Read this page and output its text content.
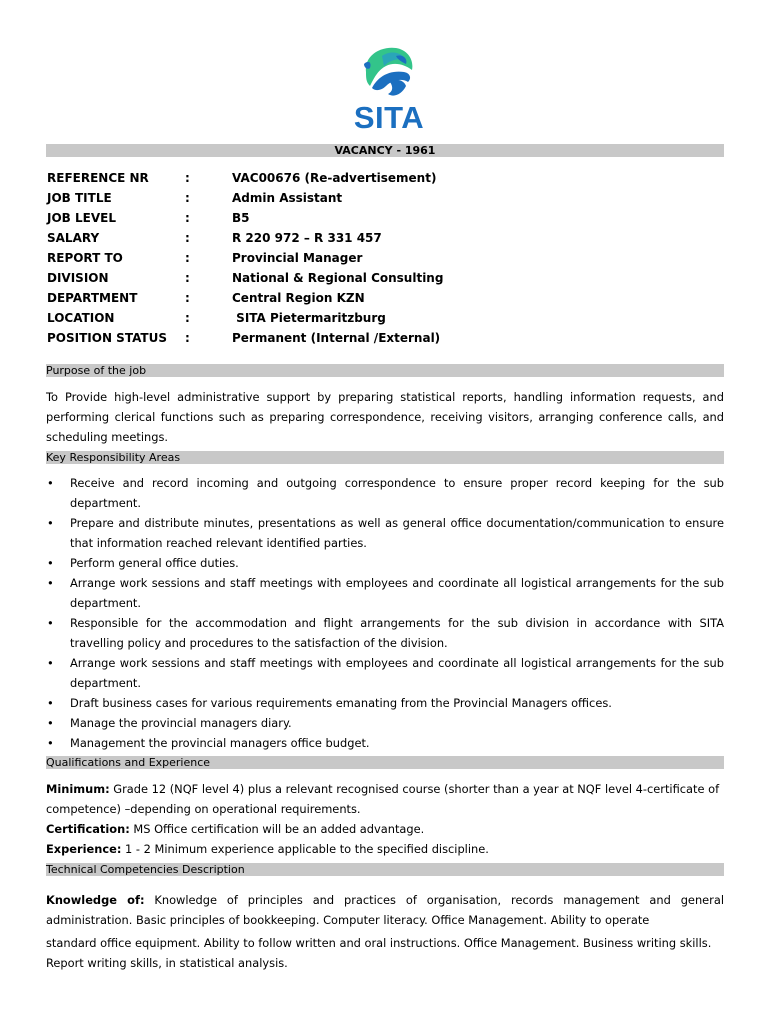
SITA
VACANCY - 1961
REFERENCE NR	:	VAC00676 (Re-advertisement)
JOB TITLE	:	Admin Assistant
JOB LEVEL	:	B5
SALARY	:	R 220 972 – R 331 457
REPORT TO	:	Provincial Manager
DIVISION	:	National & Regional Consulting
DEPARTMENT	:	Central Region KZN
LOCATION	:	SITA Pietermaritzburg
POSITION STATUS :	Permanent (Internal /External)
Purpose of the job
To Provide high-level administrative support by preparing statistical reports, handling information requests, and performing clerical functions such as preparing correspondence, receiving visitors, arranging conference calls, and scheduling meetings.
Key Responsibility Areas
• Receive and record incoming and outgoing correspondence to ensure proper record keeping for the sub department.
• Prepare and distribute minutes, presentations as well as general office documentation/communication to ensure that information reached relevant identified parties.
• Perform general office duties.
• Arrange work sessions and staff meetings with employees and coordinate all logistical arrangements for the sub department.
• Responsible for the accommodation and flight arrangements for the sub division in accordance with SITA travelling policy and procedures to the satisfaction of the division.
• Arrange work sessions and staff meetings with employees and coordinate all logistical arrangements for the sub department.
• Draft business cases for various requirements emanating from the Provincial Managers offices.
• Manage the provincial managers diary.
• Management the provincial managers office budget.
Qualifications and Experience
Minimum: Grade 12 (NQF level 4) plus a relevant recognised course (shorter than a year at NQF level 4-certificate of competence) –depending on operational requirements.
Certification: MS Office certification will be an added advantage.
Experience: 1 - 2 Minimum experience applicable to the specified discipline.
Technical Competencies Description
Knowledge of: Knowledge of principles and practices of organisation, records management and general administration. Basic principles of bookkeeping. Computer literacy. Office Management. Ability to operate
standard office equipment. Ability to follow written and oral instructions. Office Management. Business writing skills. Report writing skills, in statistical analysis.
